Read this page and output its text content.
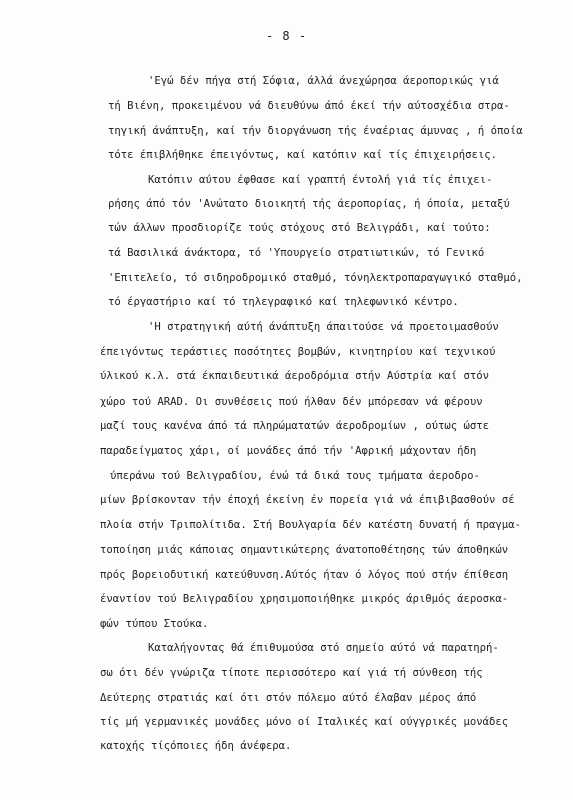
- 8 -
'Εγώ δέν πήγα στή Σόφια, άλλά άνεχώρησα άεροπορικώς γιά
τή Βιένη, προκειμένου νά διευθύνω άπό έκεί τήν αύτοσχέδια στρα-
τηγική άνάπτυξη, καί τήν διοργάνωση τής έναέριας άμυνας , ή όποία
τότε έπιβλήθηκε έπειγόντως, καί κατόπιν καί τίς έπιχειρήσεις.
Κατόπιν αύτου έφθασε καί γραπτή έντολή γιά τίς έπιχει-
ρήσης άπό τόν 'Ανώτατο διοικητή τής άεροπορίας, ή όποία, μεταξύ
τών άλλων προσδιορίζε τούς στόχους στό Βελιγράδι, καί τούτο:
τά Βασιλικά άνάκτορα, τό 'Υπουργείο στρατιωτικών, τό Γενικό
'Επιτελείο, τό σιδηροδρομικό σταθμό, τόνηλεκτροπαραγωγικό σταθμό,
τό έργαστήριο καί τό τηλεγραφικό καί τηλεφωνικό κέντρο.
'Η στρατηγική αύτή άνάπτυξη άπαιτούσε νά προετοιμασθούν
έπειγόντως τεράστιες ποσότητες βομβών, κινητηρίου καί τεχνικού
ύλικού κ.λ. στά έκπαιδευτικά άεροδρόμια στήν Αύστρία καί στόν
χώρο τού ARAD. Οι συνθέσεις πού ήλθαν δέν μπόρεσαν νά φέρουν
μαζί τους κανένα άπό τά πληρώματατών άεροδρομίων , ούτως ώστε
παραδείγματος χάρι, οί μονάδες άπό τήν 'Αφρική μάχονταν ήδη
ύπεράνω τού Βελιγραδίου, ένώ τά δικά τους τμήματα άεροδρο-
μίων βρίσκονταν τήν έποχή έκείνη έν πορεία γιά νά έπιβιβασθούν σέ
πλοία στήν Τριπολίτιδα. Στή Βουλγαρία δέν κατέστη δυνατή ή πραγμα-
τοποίηση μιάς κάποιας σημαντικώτερης άνατοποθέτησης τών άποθηκών
πρός βορειοδυτική κατεύθυνση.Αύτός ήταν ό λόγος πού στήν έπίθεση
έναντίον τού Βελιγραδίου χρησιμοποιήθηκε μικρός άριθμός άεροσκα-
φών τύπου Στούκα.
Καταλήγοντας θά έπιθυμούσα στό σημείο αύτό νά παρατηρή-
σω ότι δέν γνώριζα τίποτε περισσότερο καί γιά τή σύνθεση τής
Δεύτερης στρατιάς καί ότι στόν πόλεμο αύτό έλαβαν μέρος άπό
τίς μή γερμανικές μονάδες μόνο οί Ιταλικές καί ούγγρικές μονάδες
κατοχής τίςόποιες ήδη άνέφερα.
